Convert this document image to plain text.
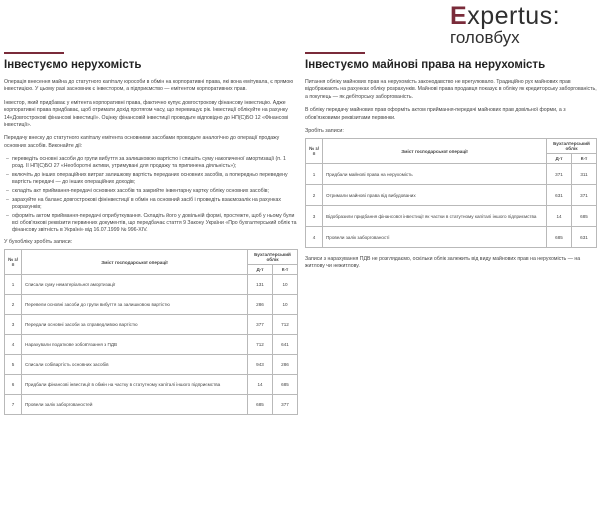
Expertus:
головбух
Інвестуємо нерухомість
Операція внесення майна до статутного капіталу юрособи в обмін на корпоративні права, які вона емітувала, є прямою інвестицією. У цьому разі засновник є інвестором, а підприємство — емітентом корпоративних прав.
Інвестор, який придбаває у емітента корпоративні права, фактично купує довгострокову фінансову інвестицію. Адже корпоративні права придбаває, щоб отримати дохід протягом часу, що перевищує рік. Інвестиції облікуйте на рахунку 14«Довгострокові фінансові інвестиції». Оцінку фінансовій інвестиції проводьте відповідно до НП(С)БО 12 «Фінансові інвестиції».
Передачу внеску до статутного капіталу емітента основними засобами проводьте аналогічно до операції продажу основних засобів. Виконайте дії:
– переведіть основні засоби до групи вибуття за залишковою вартістю і спишіть суму накопиченої амортизації (п. 1 розд. II НП(С)БО 27 «Необоротні активи, утримувані для продажу та припинена діяльність»);
– включіть до інших операційних витрат залишкову вартість переданих основних засобів, а попередньо переведену вартість передачі — до інших операційних доходів;
– складіть акт приймання-передачі основних засобів та закрийте інвентарну картку обліку основних засобів;
– зарахуйте на баланс довгострокові фінінвестиції в обмін на основний засіб і проведіть взаємозалік на рахунках розрахунків;
– оформіть актом приймання-передачі оприбуткування. Складіть його у довільній формі, простежте, щоб у ньому були всі обов'язкові реквізити первинних документів, що передбачає стаття 9 Закону України «Про бухгалтерський облік та фінансову звітність в Україні» від 16.07.1999 № 996-XIV.
У бухобліку зробіть записи:
№ з/п	Зміст господарської операції	Бухгалтерський облік	
		Д-т	К-т
1	Списали суму нематеріальної амортизації	131	10
2	Перевели основні засоби до групи вибуття за залишковою вартістю	286	10
3	Передали основні засоби за справедливою вартістю	377	712
4	Нарахували податкове зобов'язання з ПДВ	712	641
5	Списали собівартість основних засобів	943	286
6	Придбали фінансові інвестиції в обмін на частку в статутному капіталі іншого підприємства	14	685
7	Провели залік заборгованостей	685	377
Інвестуємо майнові права на нерухомість
Питання обліку майнових прав на нерухомість законодавство не врегулювало. Традиційно рух майнових прав відображають на рахунках обліку розрахунків. Майнові права продавця показує в обліку як кредиторську заборгованість, а покупець — як дебіторську заборгованість.
В обліку передачу майнових прав оформіть актом приймання-передачі майнових прав довільної форми, а з обов'язковими реквізитами первинки.
Зробіть записи:
№ з/п	Зміст господарської операції	Бухгалтерський облік	
		Д-т	К-т
1	Придбали майнові права на нерухомість	371	311
2	Отримали майнові права від вибудованих	631	371
3	Відобразили придбання фінансової інвестиції як частки в статутному капіталі іншого підприємства	14	685
4	Провели залік заборгованості	685	631
Записи з нарахування ПДВ не розглядаємо, оскільки облік залежить від виду майнових прав на нерухомість — на житлову чи нежитлову.
